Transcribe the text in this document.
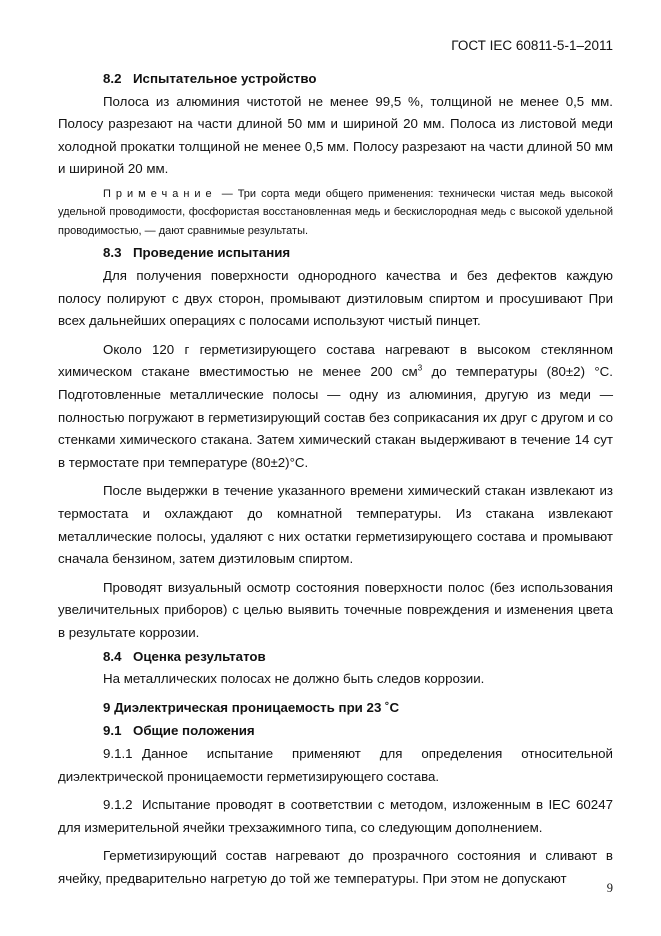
ГОСТ IEC 60811-5-1–2011
8.2 Испытательное устройство

Полоса из алюминия чистотой не менее 99,5 %, толщиной не менее 0,5 мм. Полосу разрезают на части длиной 50 мм и шириной 20 мм. Полоса из листовой меди холодной прокатки толщиной не менее 0,5 мм. Полосу разрезают на части длиной 50 мм и шириной 20 мм.

Примечание — Три сорта меди общего применения: технически чистая медь высокой удельной проводимости, фосфористая восстановленная медь и бескислородная медь с высокой удельной проводимостью, — дают сравнимые результаты.

8.3 Проведение испытания

Для получения поверхности однородного качества и без дефектов каждую полосу полируют с двух сторон, промывают диэтиловым спиртом и просушивают При всех дальнейших операциях с полосами используют чистый пинцет.

Около 120 г герметизирующего состава нагревают в высоком стеклянном химическом стакане вместимостью не менее 200 $см^3$ до температуры (80±2) °С. Подготовленные металлические полосы — одну из алюминия, другую из меди — полностью погружают в герметизирующий состав без соприкасания их друг с другом и со стенками химического стакана. Затем химический стакан выдерживают в течение 14 сут в термостате при температуре (80±2)°С.

После выдержки в течение указанного времени химический стакан извлекают из термостата и охлаждают до комнатной температуры. Из стакана извлекают металлические полосы, удаляют с них остатки герметизирующего состава и промывают сначала бензином, затем диэтиловым спиртом.

Проводят визуальный осмотр состояния поверхности полос (без использования увеличительных приборов) с целью выявить точечные повреждения и изменения цвета в результате коррозии.

8.4 Оценка результатов

На металлических полосах не должно быть следов коррозии.

9 Диэлектрическая проницаемость при 23 ˚С
9.1 Общие положения
9.1.1 Данное испытание применяют для определения относительной

диэлектрической проницаемости герметизирующего состава.

9.1.2 Испытание проводят в соответствии с методом, изложенным в IEC 60247

для измерительной ячейки трехзажимного типа, со следующим дополнением.

Герметизирующий состав нагревают до прозрачного состояния и сливают в ячейку, предварительно нагретую до той же температуры. При этом не допускают

9
